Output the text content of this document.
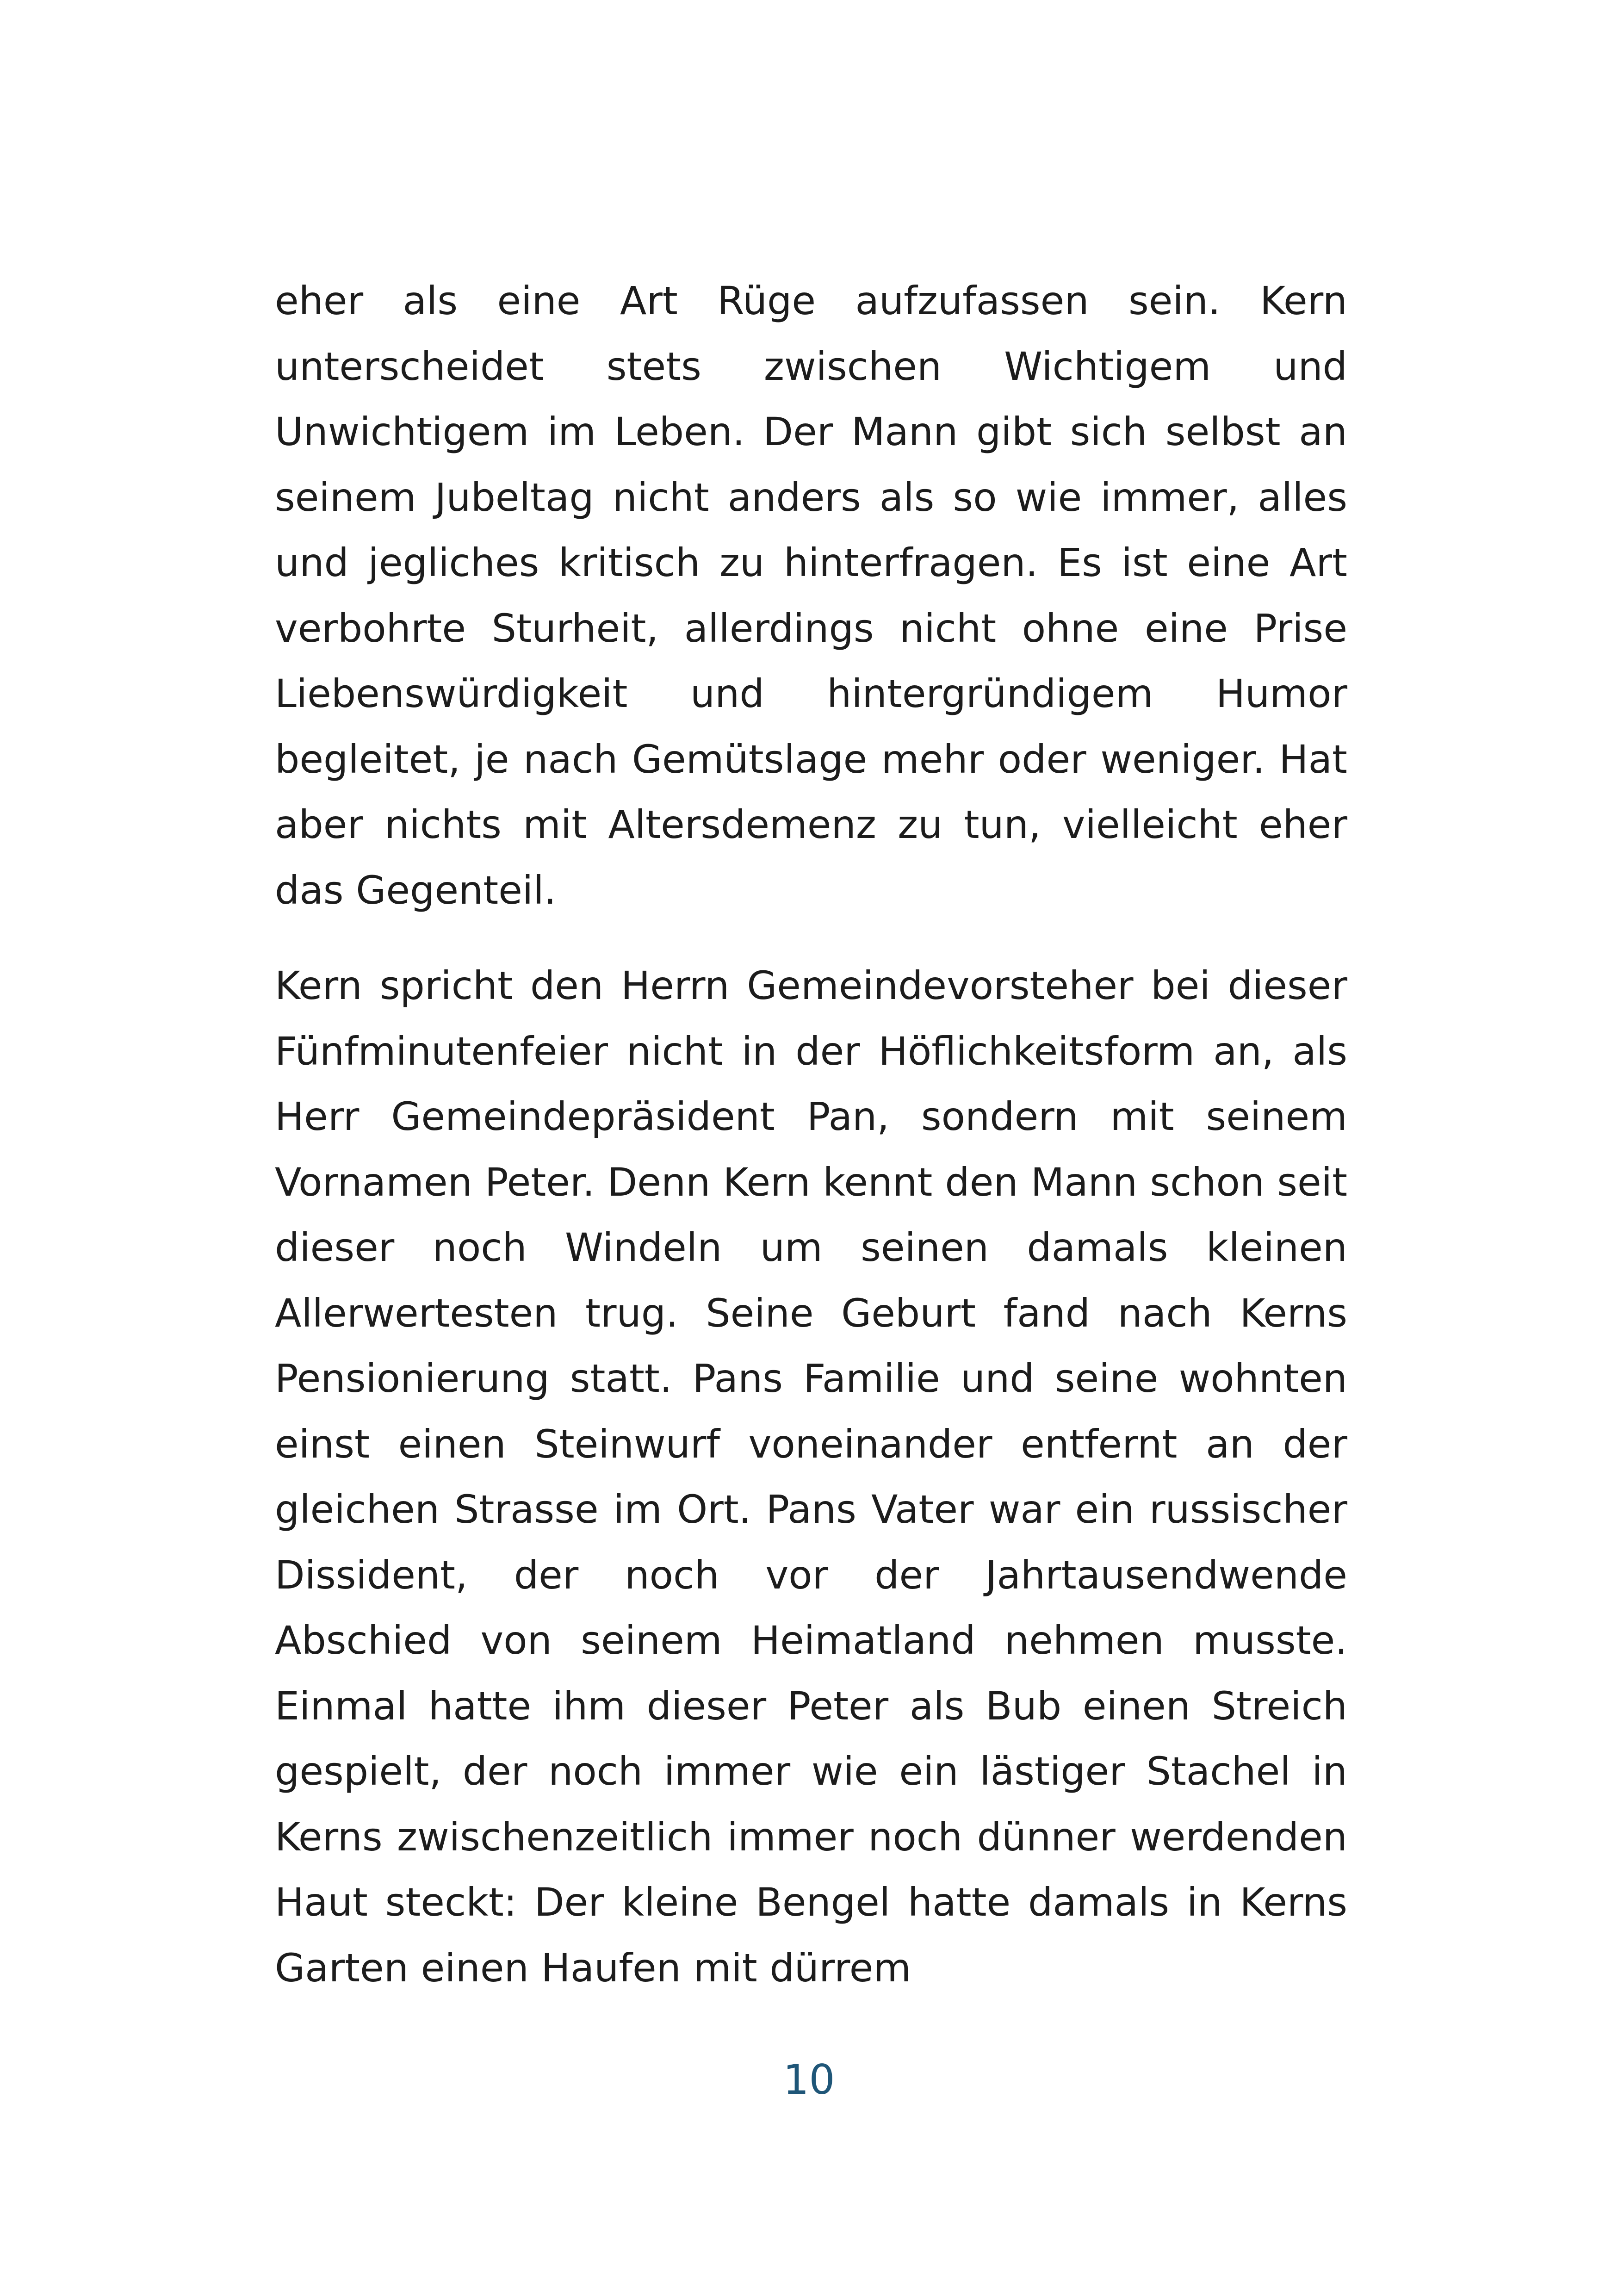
eher als eine Art Rüge aufzufassen sein. Kern unterscheidet stets zwischen Wichtigem und Unwichtigem im Leben. Der Mann gibt sich selbst an seinem Jubeltag nicht anders als so wie immer, alles und jegliches kritisch zu hinterfragen. Es ist eine Art verbohrte Sturheit, allerdings nicht ohne eine Prise Liebenswürdigkeit und hintergründigem Humor begleitet, je nach Gemütslage mehr oder weniger. Hat aber nichts mit Altersdemenz zu tun, vielleicht eher das Gegenteil.

Kern spricht den Herrn Gemeindevorsteher bei dieser Fünfminutenfeier nicht in der Höflichkeitsform an, als Herr Gemeindepräsident Pan, sondern mit seinem Vornamen Peter. Denn Kern kennt den Mann schon seit dieser noch Windeln um seinen damals kleinen Allerwertesten trug. Seine Geburt fand nach Kerns Pensionierung statt. Pans Familie und seine wohnten einst einen Steinwurf voneinander entfernt an der gleichen Strasse im Ort. Pans Vater war ein russischer Dissident, der noch vor der Jahrtausendwende Abschied von seinem Heimatland nehmen musste. Einmal hatte ihm dieser Peter als Bub einen Streich gespielt, der noch immer wie ein lästiger Stachel in Kerns zwischenzeitlich immer noch dünner werdenden Haut steckt: Der kleine Bengel hatte damals in Kerns Garten einen Haufen mit dürrem

10
